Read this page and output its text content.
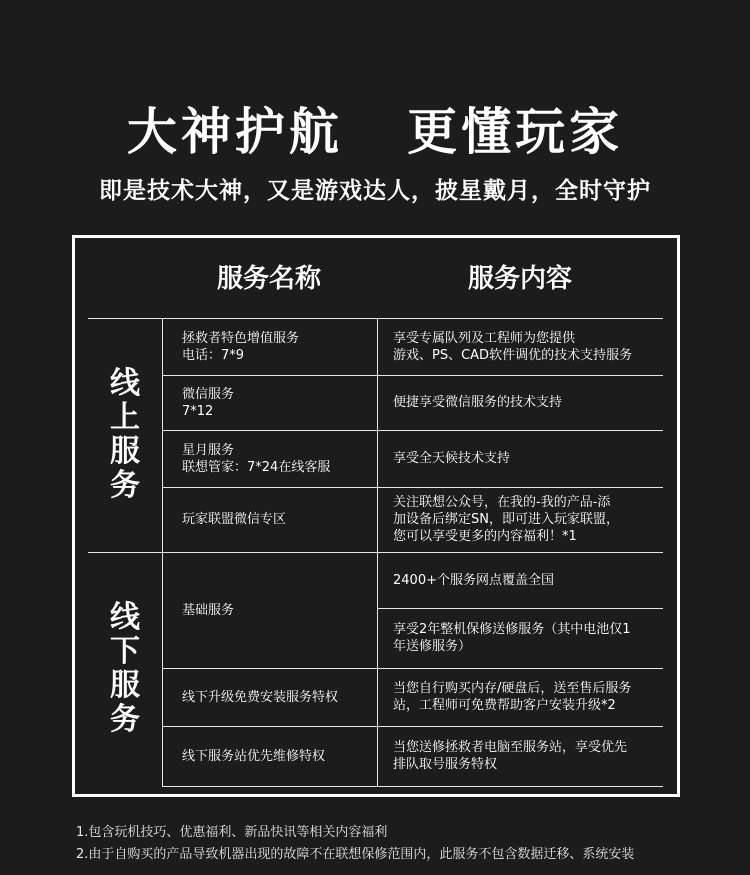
大神护航   更懂玩家
即是技术大神，又是游戏达人，披星戴月，全时守护
服务名称	服务内容
线
上
服
务
线
下
服
务
拯救者特色增值服务
电话：7*9
享受专属队列及工程师为您提供
游戏、PS、CAD软件调优的技术支持服务
微信服务
7*12
便捷享受微信服务的技术支持
星月服务
联想管家：7*24在线客服
享受全天候技术支持
玩家联盟微信专区
关注联想公众号，在我的-我的产品-添
加设备后绑定SN，即可进入玩家联盟，
您可以享受更多的内容福利！*1
基础服务
2400+个服务网点覆盖全国
享受2年整机保修送修服务（其中电池仅1
年送修服务）
线下升级免费安装服务特权
当您自行购买内存/硬盘后，送至售后服务
站，工程师可免费帮助客户安装升级*2
线下服务站优先维修特权
当您送修拯救者电脑至服务站，享受优先
排队取号服务特权
1.包含玩机技巧、优惠福利、新品快讯等相关内容福利
2.由于自购买的产品导致机器出现的故障不在联想保修范围内，此服务不包含数据迁移、系统安装
